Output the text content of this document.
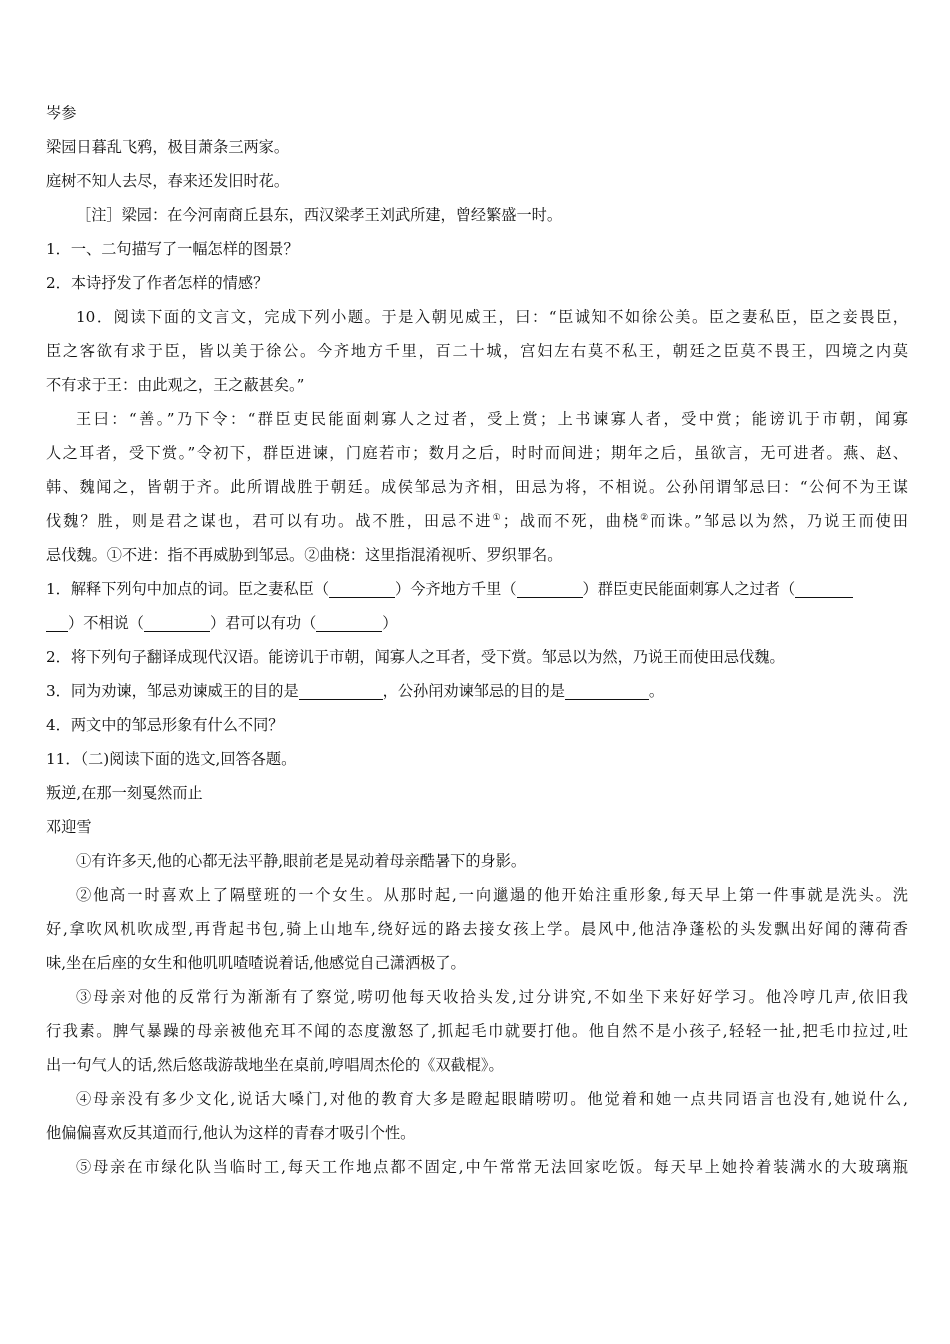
岑参
梁园日暮乱飞鸦，极目萧条三两家。
庭树不知人去尽，春来还发旧时花。
［注］梁园：在今河南商丘县东，西汉梁孝王刘武所建，曾经繁盛一时。
1．一、二句描写了一幅怎样的图景？
2．本诗抒发了作者怎样的情感？
10．阅读下面的文言文，完成下列小题。于是入朝见威王，曰：“臣诚知不如徐公美。臣之妻私臣，臣之妾畏臣，
臣之客欲有求于臣，皆以美于徐公。今齐地方千里，百二十城，宫妇左右莫不私王，朝廷之臣莫不畏王，四境之内莫
不有求于王：由此观之，王之蔽甚矣。”
王曰：“善。”乃下令：“群臣吏民能面刺寡人之过者，受上赏；上书谏寡人者，受中赏；能谤讥于市朝，闻寡
人之耳者，受下赏。”令初下，群臣进谏，门庭若市；数月之后，时时而间进；期年之后，虽欲言，无可进者。燕、赵、
韩、魏闻之，皆朝于齐。此所谓战胜于朝廷。成侯邹忌为齐相，田忌为将，不相说。公孙闬谓邹忌曰：“公何不为王谋
伐魏？胜，则是君之谋也，君可以有功。战不胜，田忌不进①；战而不死，曲桡②而诛。”邹忌以为然，乃说王而使田
忌伐魏。①不进：指不再威胁到邹忌。②曲桡：这里指混淆视听、罗织罪名。
1．解释下列句中加点的词。臣之妻私臣（	）今齐地方千里（	）群臣吏民能面刺寡人之过者（
）不相说（	）君可以有功（	）
2．将下列句子翻译成现代汉语。能谤讥于市朝，闻寡人之耳者，受下赏。邹忌以为然，乃说王而使田忌伐魏。
3．同为劝谏，邹忌劝谏威王的目的是	，公孙闬劝谏邹忌的目的是	。
4．两文中的邹忌形象有什么不同？
11．（二)阅读下面的选文,回答各题。
叛逆,在那一刻戛然而止
邓迎雪
①有许多天,他的心都无法平静,眼前老是晃动着母亲酷暑下的身影。
②他高一时喜欢上了隔壁班的一个女生。从那时起,一向邋遢的他开始注重形象,每天早上第一件事就是洗头。洗
好,拿吹风机吹成型,再背起书包,骑上山地车,绕好远的路去接女孩上学。晨风中,他洁净蓬松的头发飘出好闻的薄荷香
味,坐在后座的女生和他叽叽喳喳说着话,他感觉自己潇洒极了。
③母亲对他的反常行为渐渐有了察觉,唠叨他每天收拾头发,过分讲究,不如坐下来好好学习。他冷哼几声,依旧我
行我素。脾气暴躁的母亲被他充耳不闻的态度激怒了,抓起毛巾就要打他。他自然不是小孩子,轻轻一扯,把毛巾拉过,吐
出一句气人的话,然后悠哉游哉地坐在桌前,哼唱周杰伦的《双截棍》。
④母亲没有多少文化,说话大嗓门,对他的教育大多是瞪起眼睛唠叨。他觉着和她一点共同语言也没有,她说什么,
他偏偏喜欢反其道而行,他认为这样的青春才吸引个性。
⑤母亲在市绿化队当临时工,每天工作地点都不固定,中午常常无法回家吃饭。每天早上她拎着装满水的大玻璃瓶
